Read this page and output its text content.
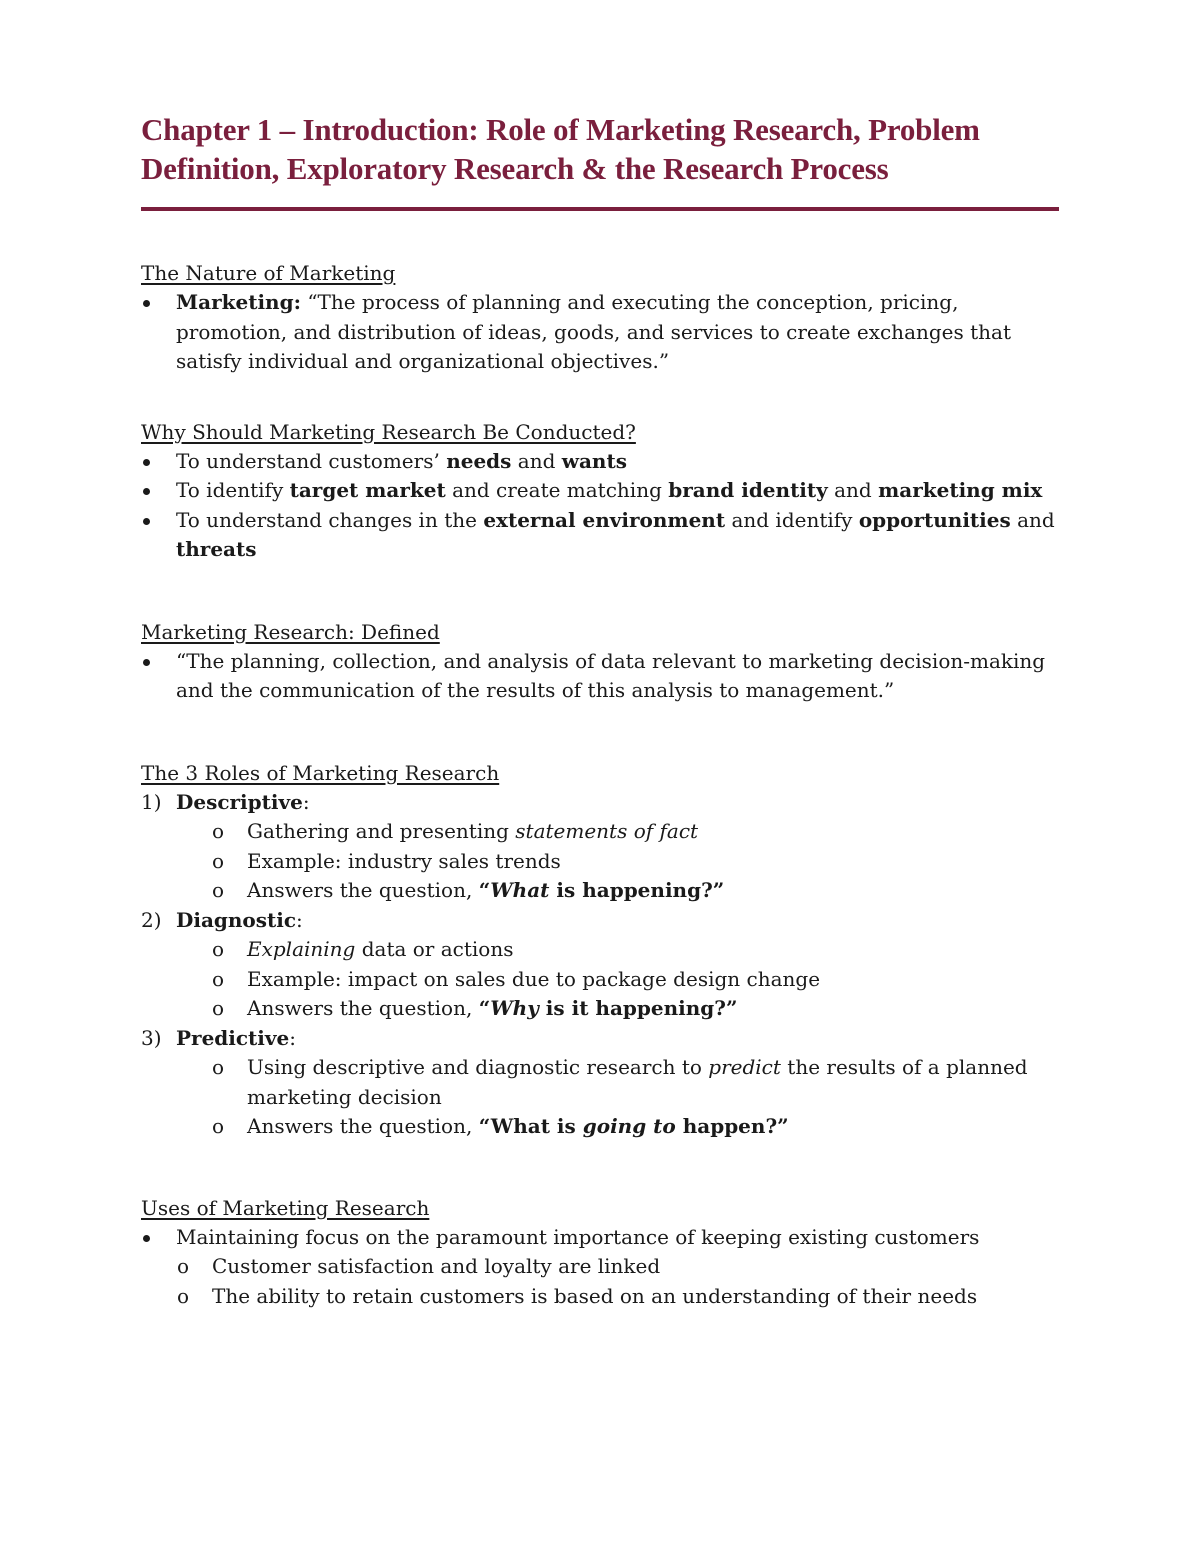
Chapter 1 – Introduction: Role of Marketing Research, Problem Definition, Exploratory Research & the Research Process

The Nature of Marketing

Marketing: “The process of planning and executing the conception, pricing, promotion, and distribution of ideas, goods, and services to create exchanges that satisfy individual and organizational objectives.”

Why Should Marketing Research Be Conducted?

To understand customers’ needs and wants
To identify target market and create matching brand identity and marketing mix
To understand changes in the external environment and identify opportunities and threats

Marketing Research: Defined

“The planning, collection, and analysis of data relevant to marketing decision-making and the communication of the results of this analysis to management.”

The 3 Roles of Marketing Research

1) Descriptive:
o Gathering and presenting statements of fact
o Example: industry sales trends
o Answers the question, “What is happening?”
2) Diagnostic:
o Explaining data or actions
o Example: impact on sales due to package design change
o Answers the question, “Why is it happening?”
3) Predictive:
o Using descriptive and diagnostic research to predict the results of a planned marketing decision
o Answers the question, “What is going to happen?”

Uses of Marketing Research

Maintaining focus on the paramount importance of keeping existing customers
o Customer satisfaction and loyalty are linked
o The ability to retain customers is based on an understanding of their needs
